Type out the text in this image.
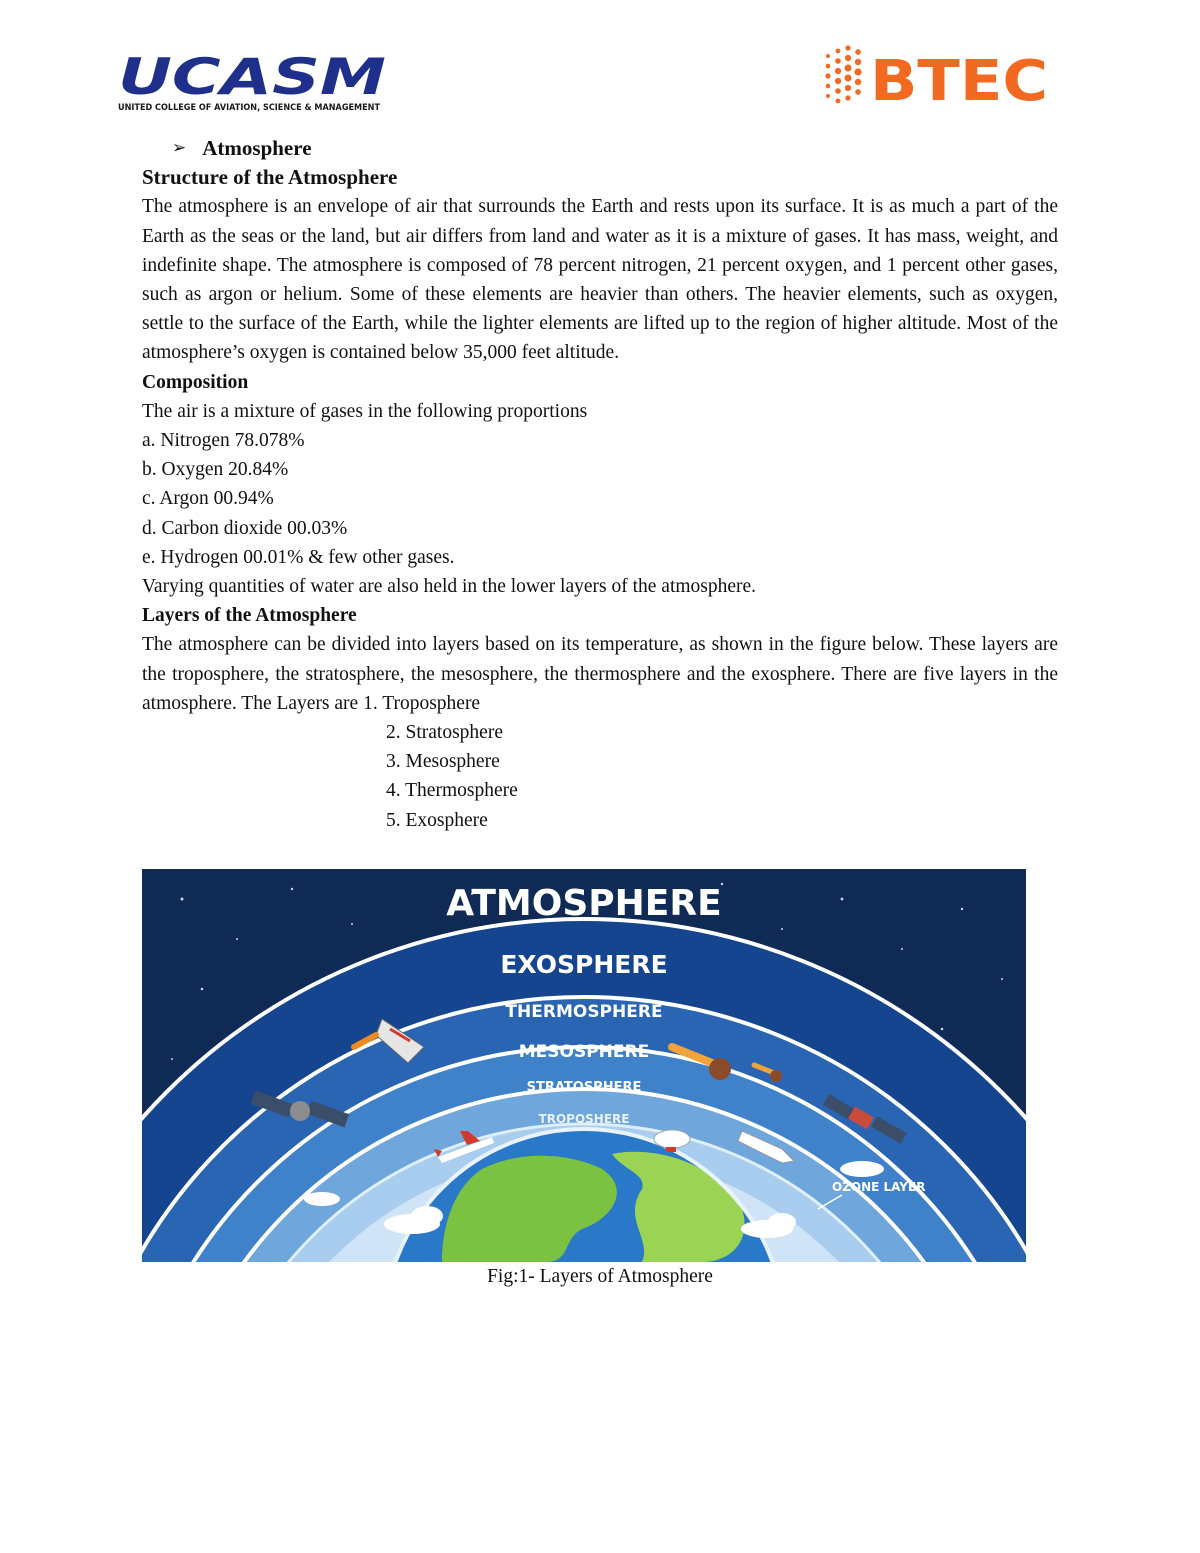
UCASM
UNITED COLLEGE OF AVIATION, SCIENCE & MANAGEMENT	BTEC
➢ Atmosphere

Structure of the Atmosphere

The atmosphere is an envelope of air that surrounds the Earth and rests upon its surface. It is as much a part of the Earth as the seas or the land, but air differs from land and water as it is a mixture of gases. It has mass, weight, and indefinite shape. The atmosphere is composed of 78 percent nitrogen, 21 percent oxygen, and 1 percent other gases, such as argon or helium. Some of these elements are heavier than others. The heavier elements, such as oxygen, settle to the surface of the Earth, while the lighter elements are lifted up to the region of higher altitude. Most of the atmosphere’s oxygen is contained below 35,000 feet altitude.

Composition

The air is a mixture of gases in the following proportions

a. Nitrogen 78.078%

b. Oxygen 20.84%

c. Argon 00.94%

d. Carbon dioxide 00.03%

e. Hydrogen 00.01% & few other gases.

Varying quantities of water are also held in the lower layers of the atmosphere.

Layers of the Atmosphere

The atmosphere can be divided into layers based on its temperature, as shown in the figure below. These layers are the troposphere, the stratosphere, the mesosphere, the thermosphere and the exosphere. There are five layers in the atmosphere. The Layers are 1. Troposphere

2. Stratosphere

3. Mesosphere

4. Thermosphere

5. Exosphere

ATMOSPHERE
EXOSPHERE
THERMOSPHERE
MESOSPHERE
STRATOSPHERE
TROPOSHERE
OZONE LAYER
Fig:1- Layers of Atmosphere
